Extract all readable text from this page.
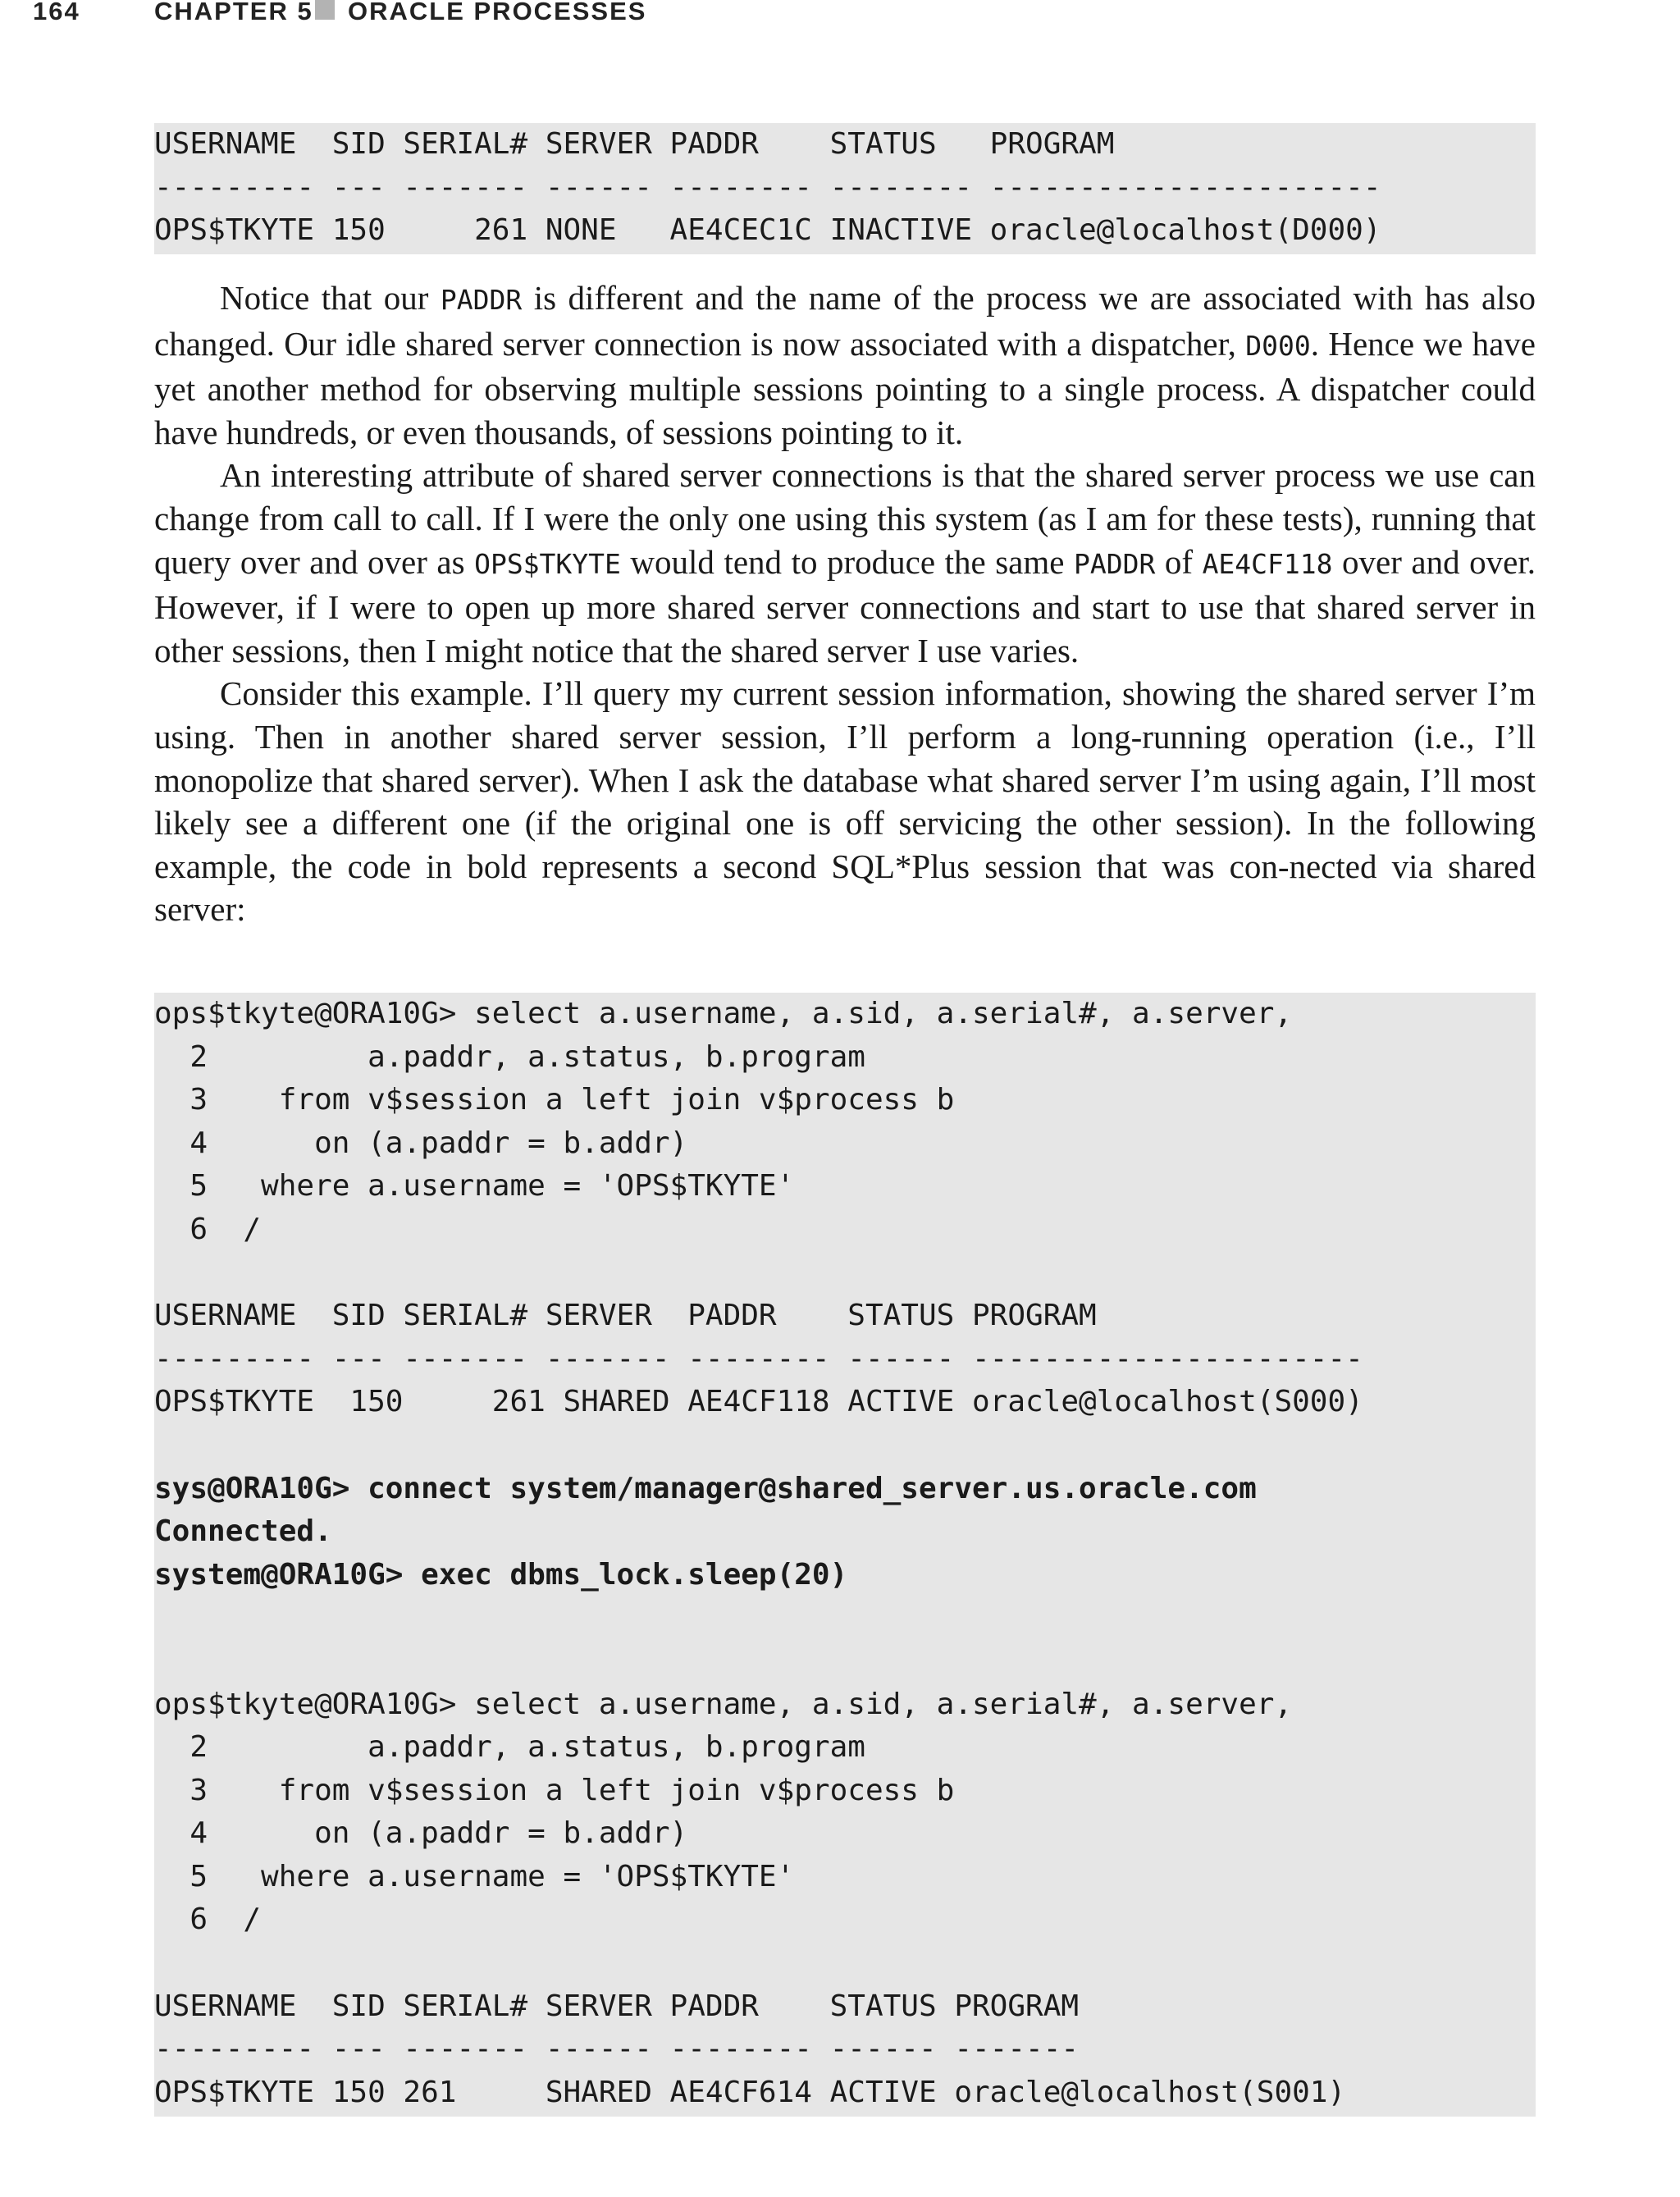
164	CHAPTER 5 ORACLE PROCESSES
USERNAME  SID SERIAL# SERVER PADDR    STATUS   PROGRAM
--------- --- ------- ------ -------- -------- ----------------------
OPS$TKYTE 150     261 NONE   AE4CEC1C INACTIVE oracle@localhost(D000)

Notice that our PADDR is different and the name of the process we are associated with has also changed. Our idle shared server connection is now associated with a dispatcher, D000. Hence we have yet another method for observing multiple sessions pointing to a single process. A dispatcher could have hundreds, or even thousands, of sessions pointing to it.

An interesting attribute of shared server connections is that the shared server process we use can change from call to call. If I were the only one using this system (as I am for these tests), running that query over and over as OPS$TKYTE would tend to produce the same PADDR of AE4CF118 over and over. However, if I were to open up more shared server connections and start to use that shared server in other sessions, then I might notice that the shared server I use varies.

Consider this example. I’ll query my current session information, showing the shared server I’m using. Then in another shared server session, I’ll perform a long-running operation (i.e., I’ll monopolize that shared server). When I ask the database what shared server I’m using again, I’ll most likely see a different one (if the original one is off servicing the other session). In the following example, the code in bold represents a second SQL*Plus session that was con-nected via shared server:

ops$tkyte@ORA10G> select a.username, a.sid, a.serial#, a.server,
2         a.paddr, a.status, b.program
3    from v$session a left join v$process b
4      on (a.paddr = b.addr)
5   where a.username = 'OPS$TKYTE'
6  /
USERNAME  SID SERIAL# SERVER  PADDR    STATUS PROGRAM
--------- --- ------- ------- -------- ------ ----------------------
OPS$TKYTE  150     261 SHARED AE4CF118 ACTIVE oracle@localhost(S000)
sys@ORA10G> connect system/manager@shared_server.us.oracle.com
Connected.
system@ORA10G> exec dbms_lock.sleep(20)
ops$tkyte@ORA10G> select a.username, a.sid, a.serial#, a.server,
2         a.paddr, a.status, b.program
3    from v$session a left join v$process b
4      on (a.paddr = b.addr)
5   where a.username = 'OPS$TKYTE'
6  /
USERNAME  SID SERIAL# SERVER PADDR    STATUS PROGRAM
--------- --- ------- ------ -------- ------ -------
OPS$TKYTE 150 261     SHARED AE4CF614 ACTIVE oracle@localhost(S001)
